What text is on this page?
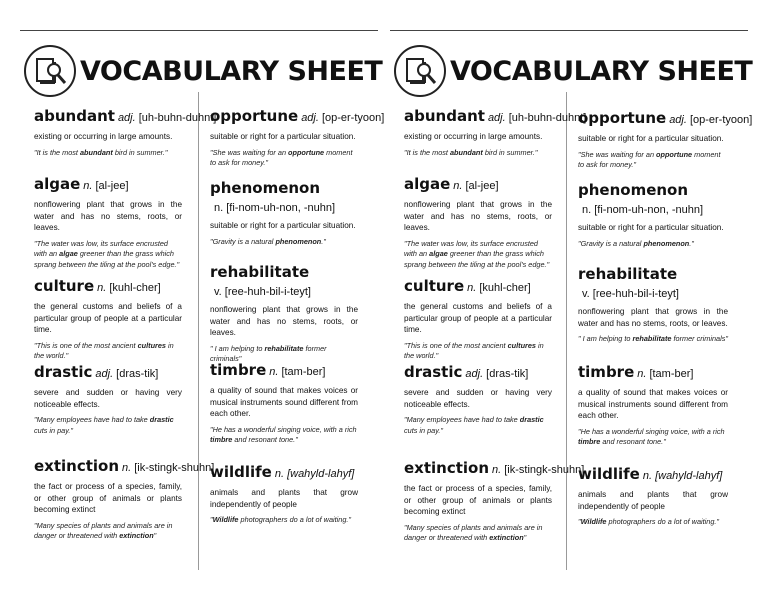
VOCABULARY SHEET
abundant adj. [uh-buhn-duhnt]
existing or occurring in large amounts.
"It is the most abundant bird in summer."
algae n. [al-jee]
nonflowering plant that grows in the water and has no stems, roots, or leaves.
"The water was low, its surface encrusted with an algae greener than the grass which sprang between the tiling at the pool's edge."
culture n. [kuhl-cher]
the general customs and beliefs of a particular group of people at a particular time.
"This is one of the most ancient cultures in the world."
drastic adj. [dras-tik]
severe and sudden or having very noticeable effects.
"Many employees have had to take drastic cuts in pay."
extinction n. [ik-stingk-shuhn]
the fact or process of a species, family, or other group of animals or plants becoming extinct
"Many species of plants and animals are in danger or threatened with extinction"
opportune adj. [op-er-tyoon]
suitable or right for a particular situation.
"She was waiting for an opportune moment to ask for money."
phenomenon
n. [fi-nom-uh-non, -nuhn]
suitable or right for a particular situation.
"Gravity is a natural phenomenon."
rehabilitate
v. [ree-huh-bil-i-teyt]
nonflowering plant that grows in the water and has no stems, roots, or leaves.
" I am helping to rehabilitate former criminals"
timbre n. [tam-ber]
a quality of sound that makes voices or musical instruments sound different from each other.
"He has a wonderful singing voice, with a rich timbre and resonant tone."
wildlife n. [wahyld-lahyf]
animals and plants that grow independently of people
"Wildlife photographers do a lot of waiting."
VOCABULARY SHEET
abundant adj. [uh-buhn-duhnt]
existing or occurring in large amounts.
"It is the most abundant bird in summer."
algae n. [al-jee]
nonflowering plant that grows in the water and has no stems, roots, or leaves.
"The water was low, its surface encrusted with an algae greener than the grass which sprang between the tiling at the pool's edge."
culture n. [kuhl-cher]
the general customs and beliefs of a particular group of people at a particular time.
"This is one of the most ancient cultures in the world."
drastic adj. [dras-tik]
severe and sudden or having very noticeable effects.
"Many employees have had to take drastic cuts in pay."
extinction n. [ik-stingk-shuhn]
the fact or process of a species, family, or other group of animals or plants becoming extinct
"Many species of plants and animals are in danger or threatened with extinction"
opportune adj. [op-er-tyoon]
suitable or right for a particular situation.
"She was waiting for an opportune moment to ask for money."
phenomenon
n. [fi-nom-uh-non, -nuhn]
suitable or right for a particular situation.
"Gravity is a natural phenomenon."
rehabilitate
v. [ree-huh-bil-i-teyt]
nonflowering plant that grows in the water and has no stems, roots, or leaves.
" I am helping to rehabilitate former criminals"
timbre n. [tam-ber]
a quality of sound that makes voices or musical instruments sound different from each other.
"He has a wonderful singing voice, with a rich timbre and resonant tone."
wildlife n. [wahyld-lahyf]
animals and plants that grow independently of people
"Wildlife photographers do a lot of waiting."
